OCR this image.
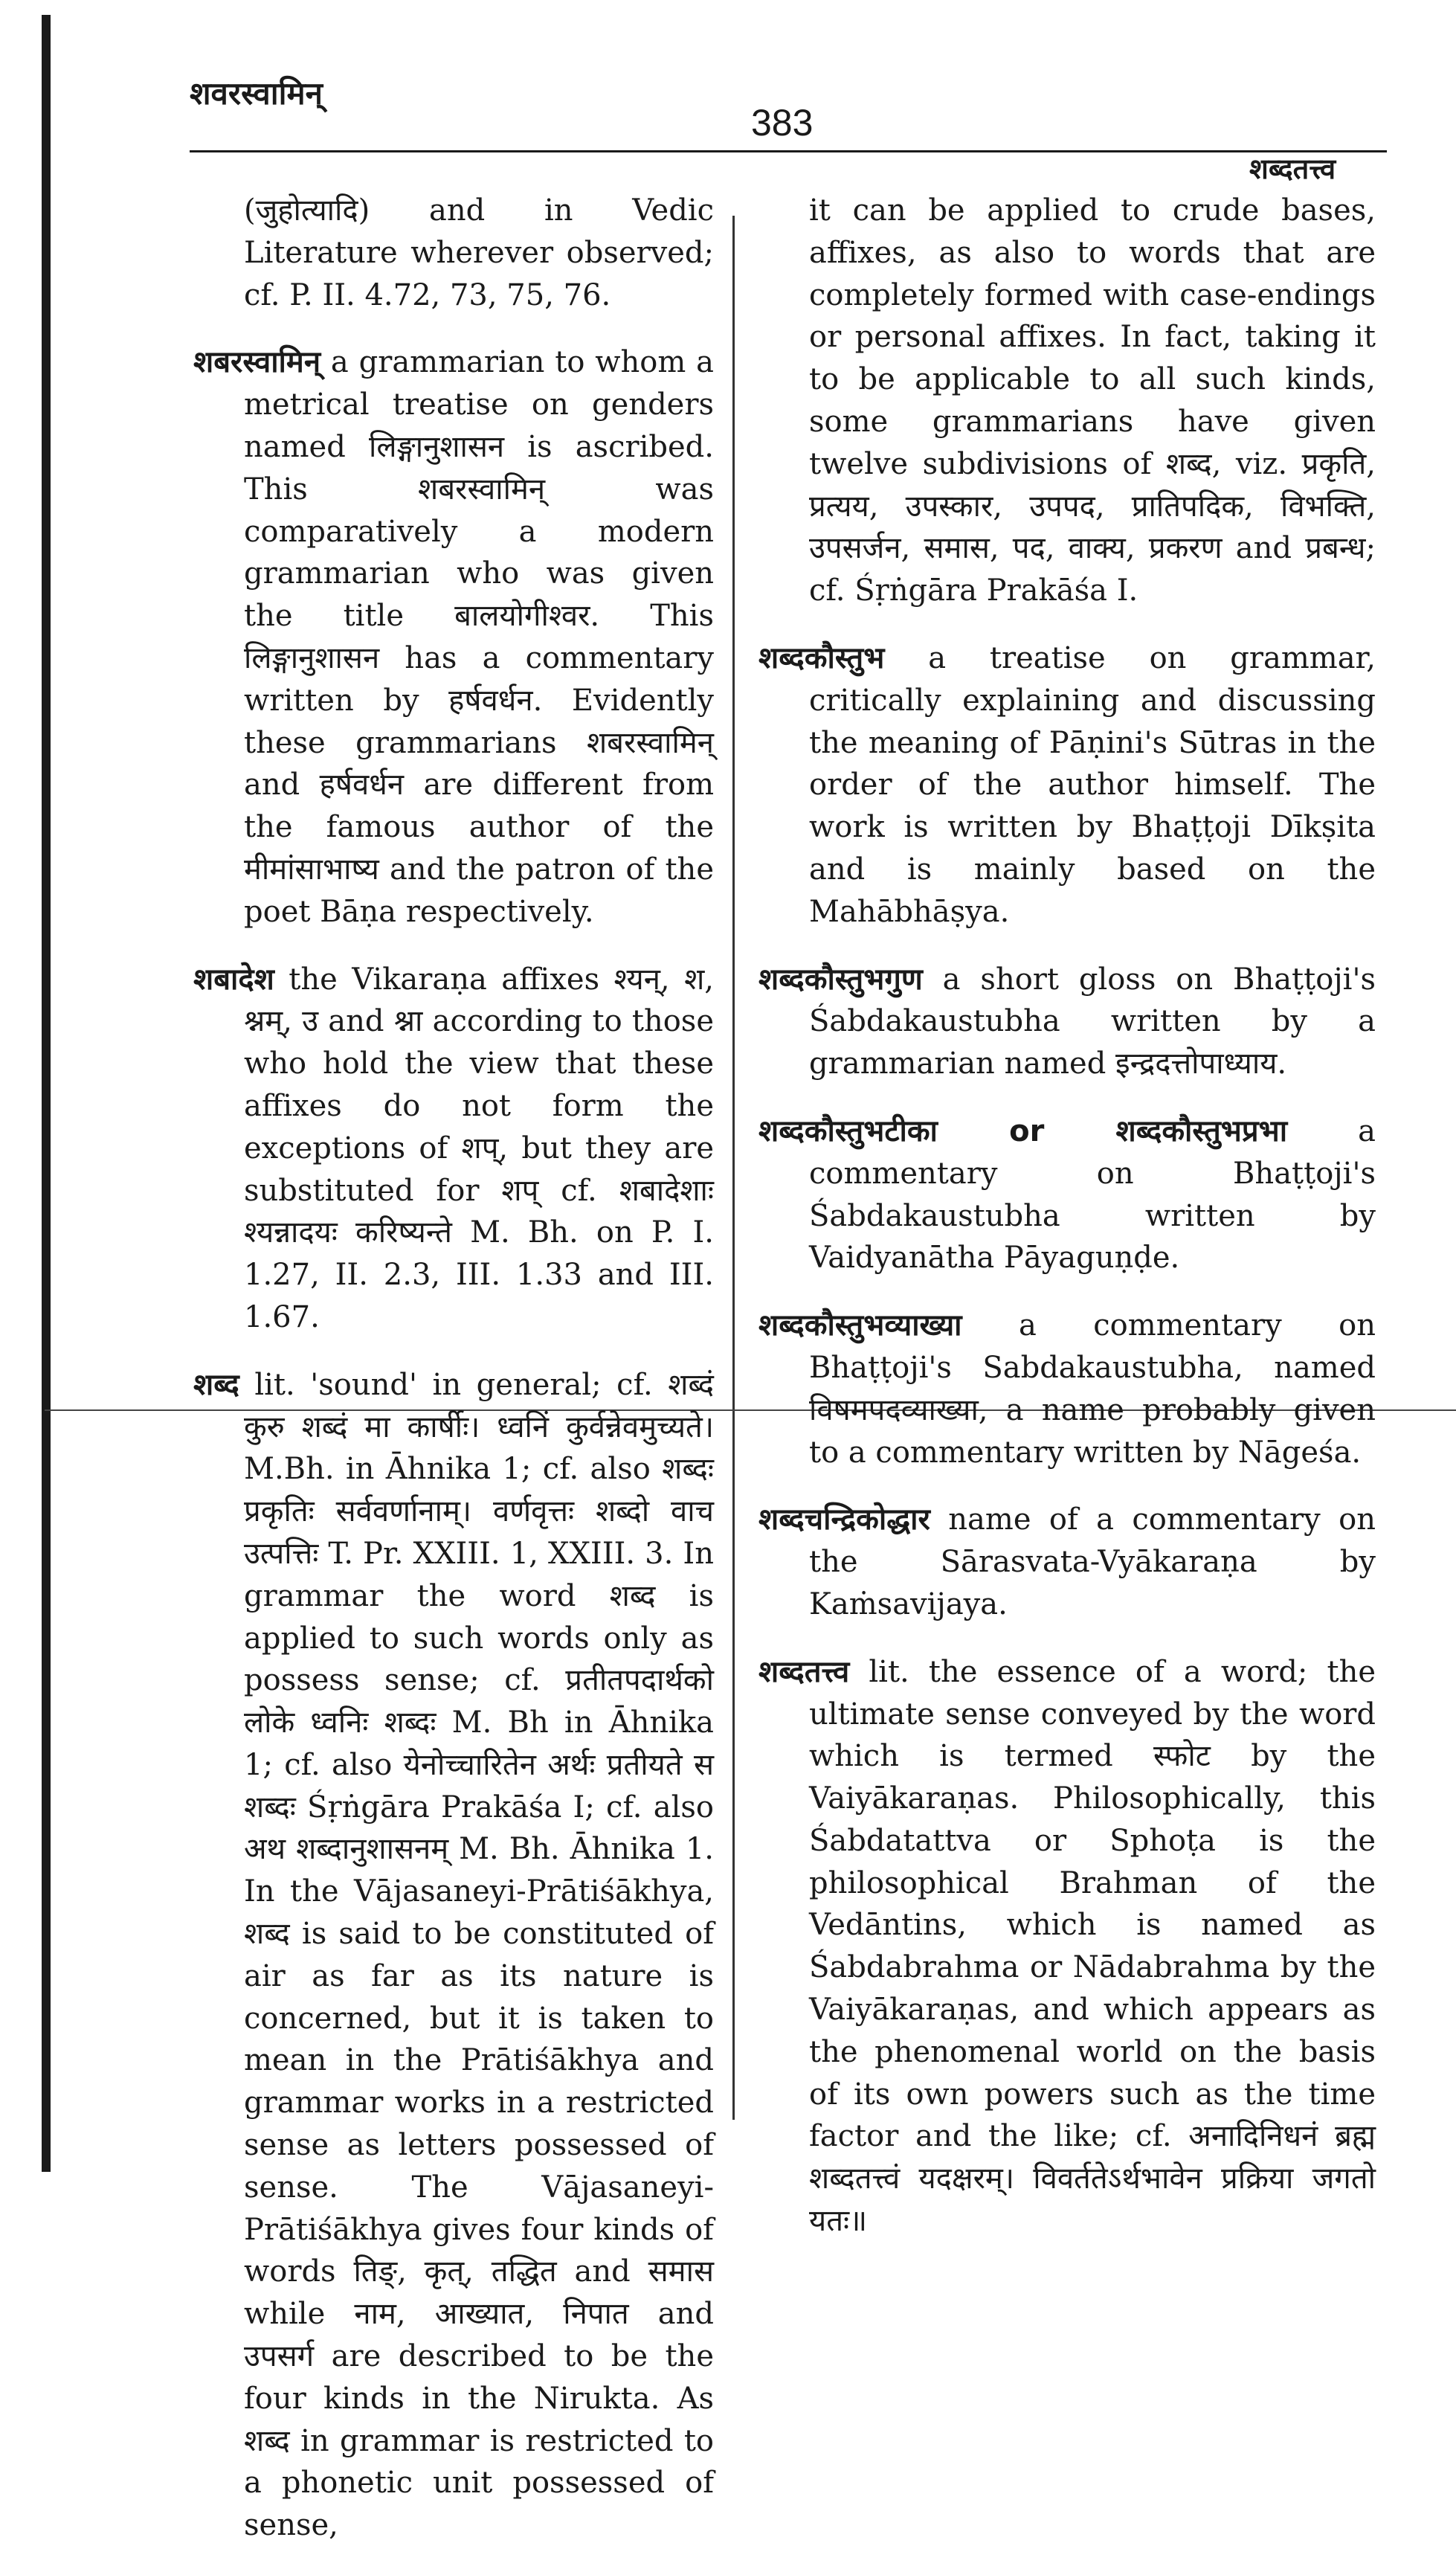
शवरस्वामिन्
383
शब्दतत्त्व

(जुहोत्यादि) and in Vedic Literature wherever observed; cf. P. II. 4.72, 73, 75, 76.

शबरस्वामिन् a grammarian to whom a metrical treatise on genders named लिङ्गानुशासन is ascribed. This शबरस्वामिन् was comparatively a modern grammarian who was given the title बालयोगीश्वर. This लिङ्गानुशासन has a commentary written by हर्षवर्धन. Evidently these grammarians शबरस्वामिन् and हर्षवर्धन are different from the famous author of the मीमांसाभाष्य and the patron of the poet Bāṇa respectively.

शबादेश the Vikaraṇa affixes श्यन्, श, श्नम्, उ and श्ना according to those who hold the view that these affixes do not form the exceptions of शप्, but they are substituted for शप् cf. शबादेशाः श्यन्नादयः करिष्यन्ते M. Bh. on P. I. 1.27, II. 2.3, III. 1.33 and III. 1.67.

शब्द lit. 'sound' in general; cf. शब्दं कुरु शब्दं मा कार्षीः। ध्वनिं कुर्वन्नेवमुच्यते। M.Bh. in Āhnika 1; cf. also शब्दः प्रकृतिः सर्ववर्णानाम्। वर्णवृत्तः शब्दो वाच उत्पत्तिः T. Pr. XXIII. 1, XXIII. 3. In grammar the word शब्द is applied to such words only as possess sense; cf. प्रतीतपदार्थको लोके ध्वनिः शब्दः M. Bh in Āhnika 1; cf. also येनोच्चारितेन अर्थः प्रतीयते स शब्दः Śṛṅgāra Prakāśa I; cf. also अथ शब्दानुशासनम् M. Bh. Āhnika 1. In the Vājasaneyi-Prātiśākhya, शब्द is said to be constituted of air as far as its nature is concerned, but it is taken to mean in the Prātiśākhya and grammar works in a restricted sense as letters possessed of sense. The Vājasaneyi-Prātiśākhya gives four kinds of words तिङ्, कृत्, तद्धित and समास while नाम, आख्यात, निपात and उपसर्ग are described to be the four kinds in the Nirukta. As शब्द in grammar is restricted to a phonetic unit possessed of sense,

it can be applied to crude bases, affixes, as also to words that are completely formed with case-endings or personal affixes. In fact, taking it to be applicable to all such kinds, some grammarians have given twelve subdivisions of शब्द, viz. प्रकृति, प्रत्यय, उपस्कार, उपपद, प्रातिपदिक, विभक्ति, उपसर्जन, समास, पद, वाक्य, प्रकरण and प्रबन्ध; cf. Śṛṅgāra Prakāśa I.

शब्दकौस्तुभ a treatise on grammar, critically explaining and discussing the meaning of Pāṇini's Sūtras in the order of the author himself. The work is written by Bhaṭṭoji Dīkṣita and is mainly based on the Mahābhāṣya.

शब्दकौस्तुभगुण a short gloss on Bhaṭṭoji's Śabdakaustubha written by a grammarian named इन्द्रदत्तोपाध्याय.

शब्दकौस्तुभटीका or शब्दकौस्तुभप्रभा a commentary on Bhaṭṭoji's Śabdakaustubha written by Vaidyanātha Pāyaguṇḍe.

शब्दकौस्तुभव्याख्या a commentary on Bhaṭṭoji's Sabdakaustubha, named विषमपदव्याख्या, a name probably given to a commentary written by Nāgeśa.

शब्दचन्द्रिकोद्धार name of a commentary on the Sārasvata-Vyākaraṇa by Kaṁsavijaya.

शब्दतत्त्व lit. the essence of a word; the ultimate sense conveyed by the word which is termed स्फोट by the Vaiyākaraṇas. Philosophically, this Śabdatattva or Sphoṭa is the philosophical Brahman of the Vedāntins, which is named as Śabdabrahma or Nādabrahma by the Vaiyākaraṇas, and which appears as the phenomenal world on the basis of its own powers such as the time factor and the like; cf. अनादिनिधनं ब्रह्म शब्दतत्त्वं यदक्षरम्। विवर्ततेऽर्थभावेन प्रक्रिया जगतो यतः॥
